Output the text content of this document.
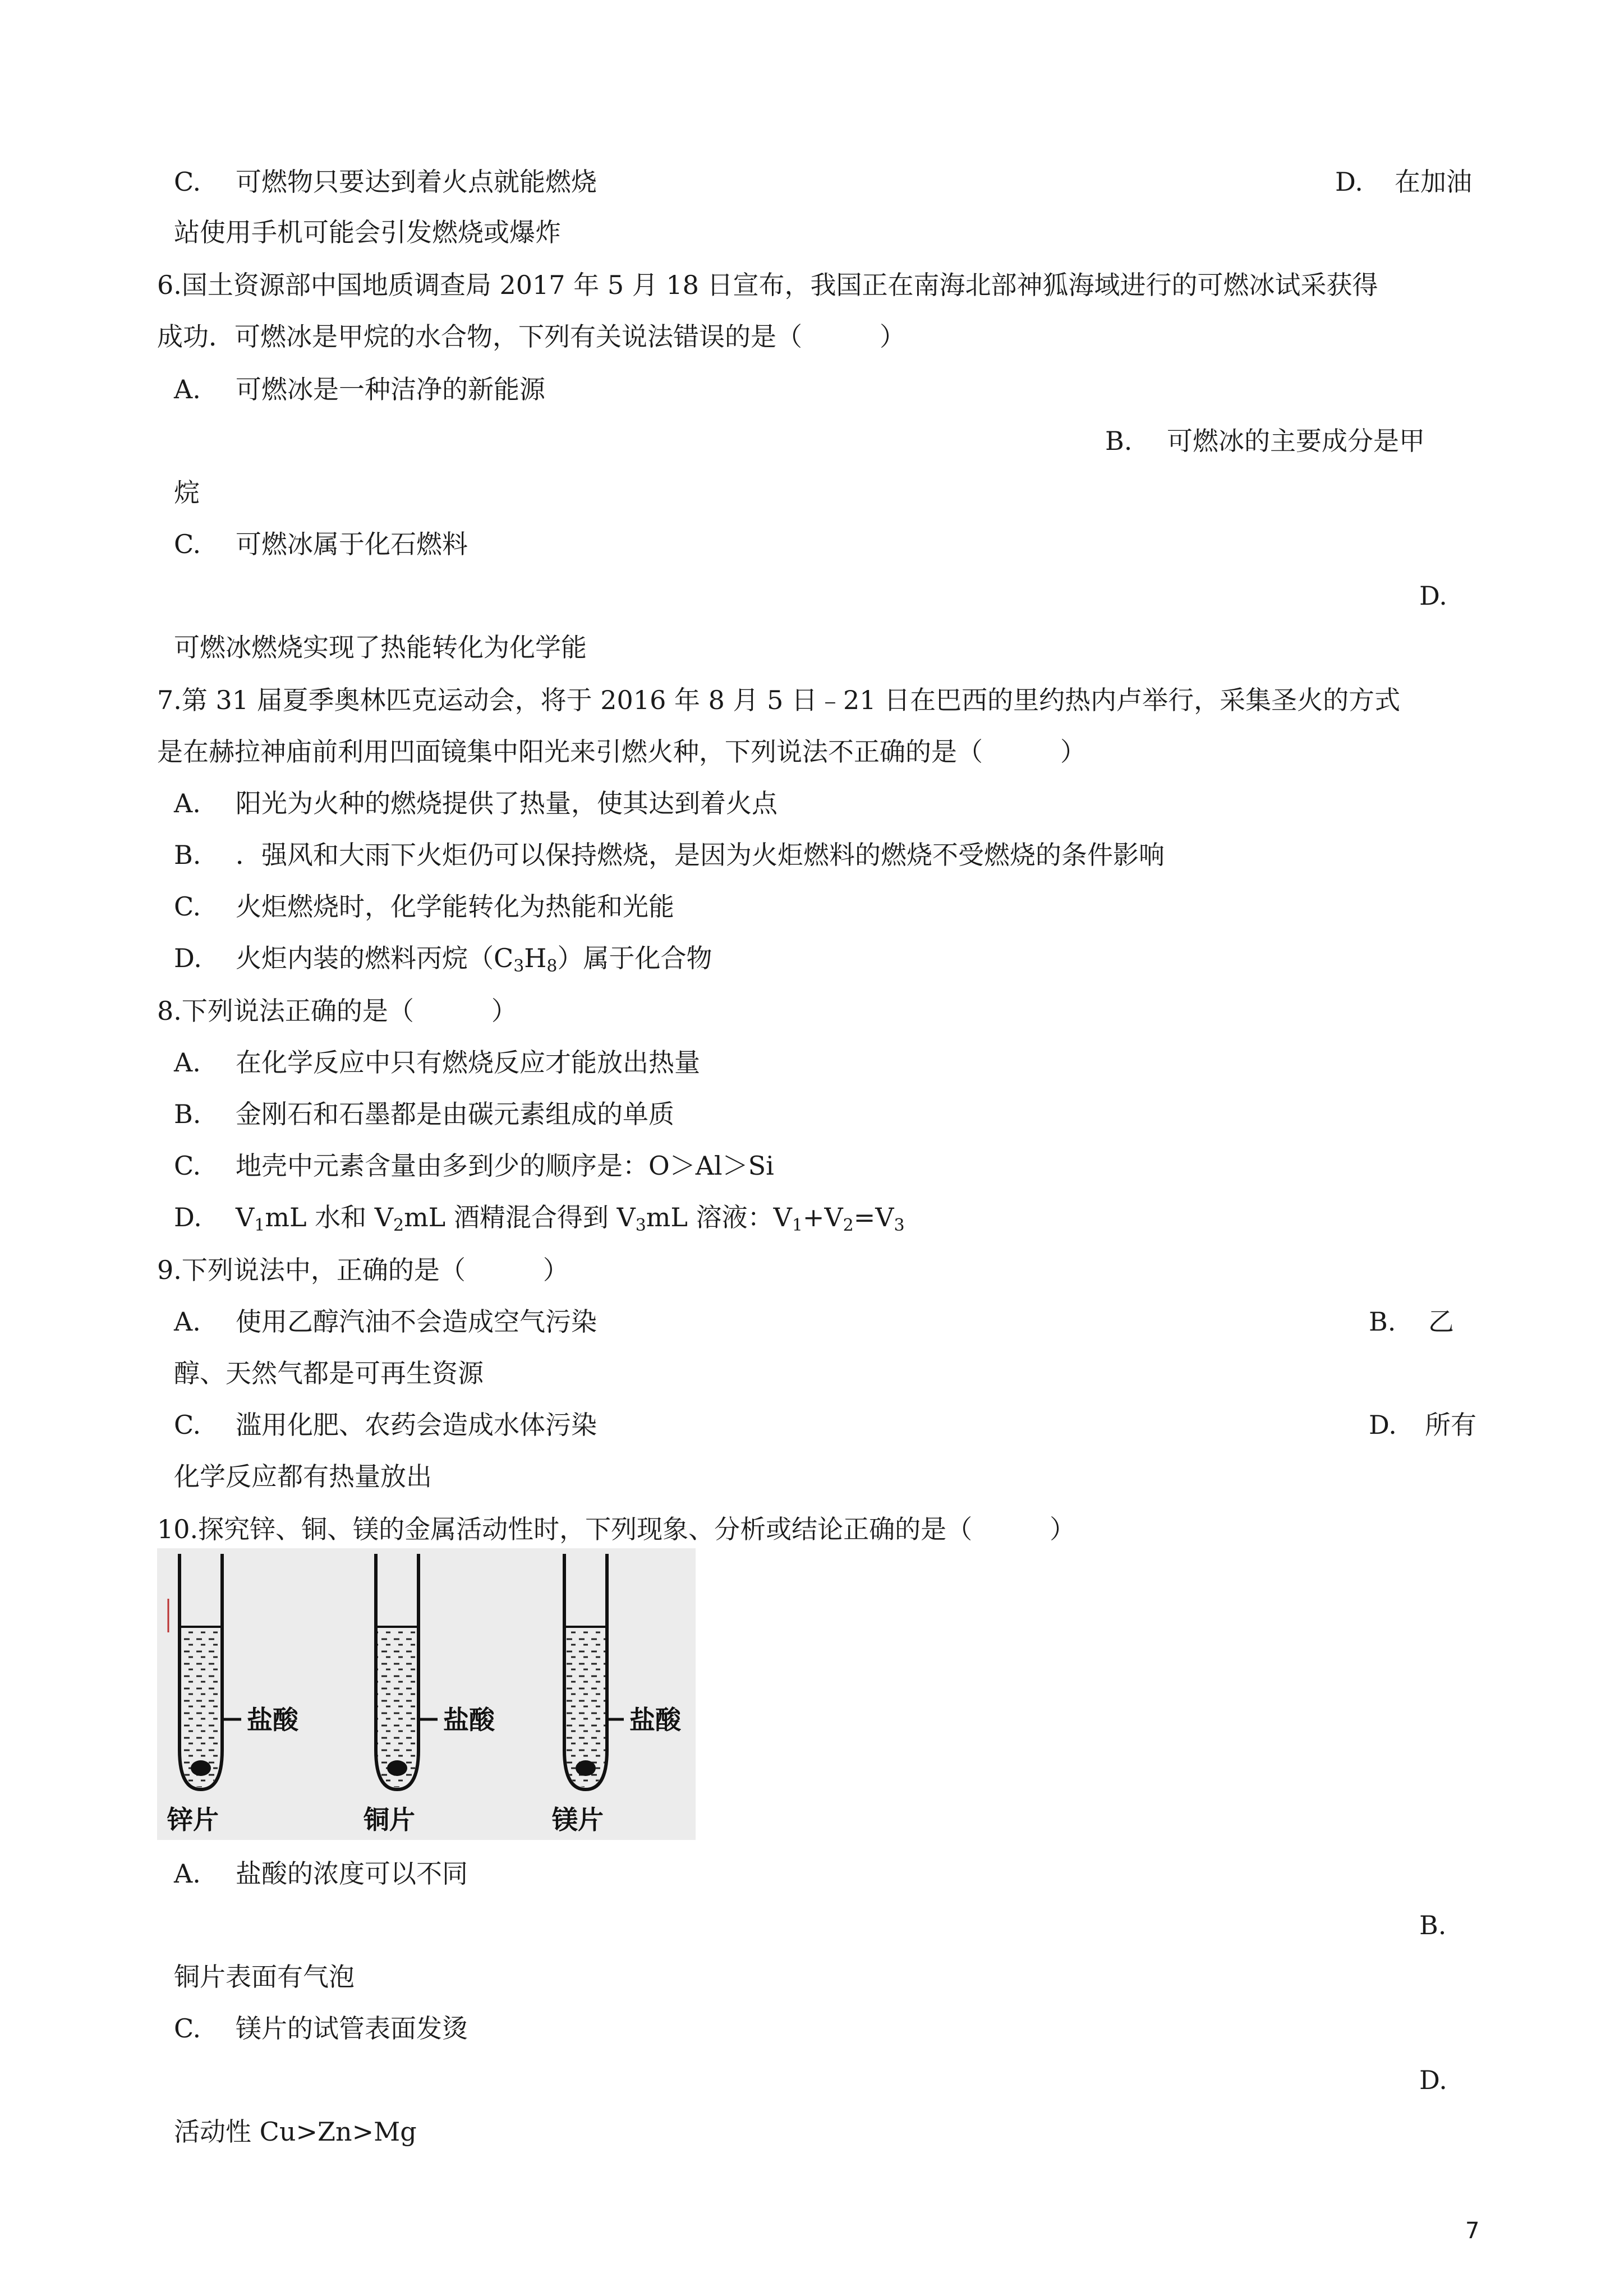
C. 可燃物只要达到着火点就能燃烧	D. 在加油
站使用手机可能会引发燃烧或爆炸
6.国土资源部中国地质调查局 2017 年 5 月 18 日宣布，我国正在南海北部神狐海域进行的可燃冰试采获得
成功．可燃冰是甲烷的水合物，下列有关说法错误的是（　　　）
A. 可燃冰是一种洁净的新能源
B. 可燃冰的主要成分是甲
烷
C. 可燃冰属于化石燃料
D.
可燃冰燃烧实现了热能转化为化学能
7.第 31 届夏季奥林匹克运动会，将于 2016 年 8 月 5 日﹣21 日在巴西的里约热内卢举行，采集圣火的方式
是在赫拉神庙前利用凹面镜集中阳光来引燃火种，下列说法不正确的是（　　　）
A. 阳光为火种的燃烧提供了热量，使其达到着火点
B. ．强风和大雨下火炬仍可以保持燃烧，是因为火炬燃料的燃烧不受燃烧的条件影响
C. 火炬燃烧时，化学能转化为热能和光能
D. 火炬内装的燃料丙烷$(C_3H_8)$属于化合物
8.下列说法正确的是（　　　）
A. 在化学反应中只有燃烧反应才能放出热量
B. 金刚石和石墨都是由碳元素组成的单质
C. 地壳中元素含量由多到少的顺序是：O＞Al＞Si
D. $V_1mL$ 水和 $V_2mL$ 酒精混合得到 $V_3mL$ 溶液：$V_1+V_2=V_3$
9.下列说法中，正确的是（　　　）
A. 使用乙醇汽油不会造成空气污染	B. 乙
醇、天然气都是可再生资源
C. 滥用化肥、农药会造成水体污染	D. 所有
化学反应都有热量放出
10.探究锌、铜、镁的金属活动性时，下列现象、分析或结论正确的是（　　　）
盐酸	盐酸	盐酸
锌片	铜片	镁片
A. 盐酸的浓度可以不同
B.
铜片表面有气泡
C. 镁片的试管表面发烫
D.
活动性 Cu>Zn>Mg
7
